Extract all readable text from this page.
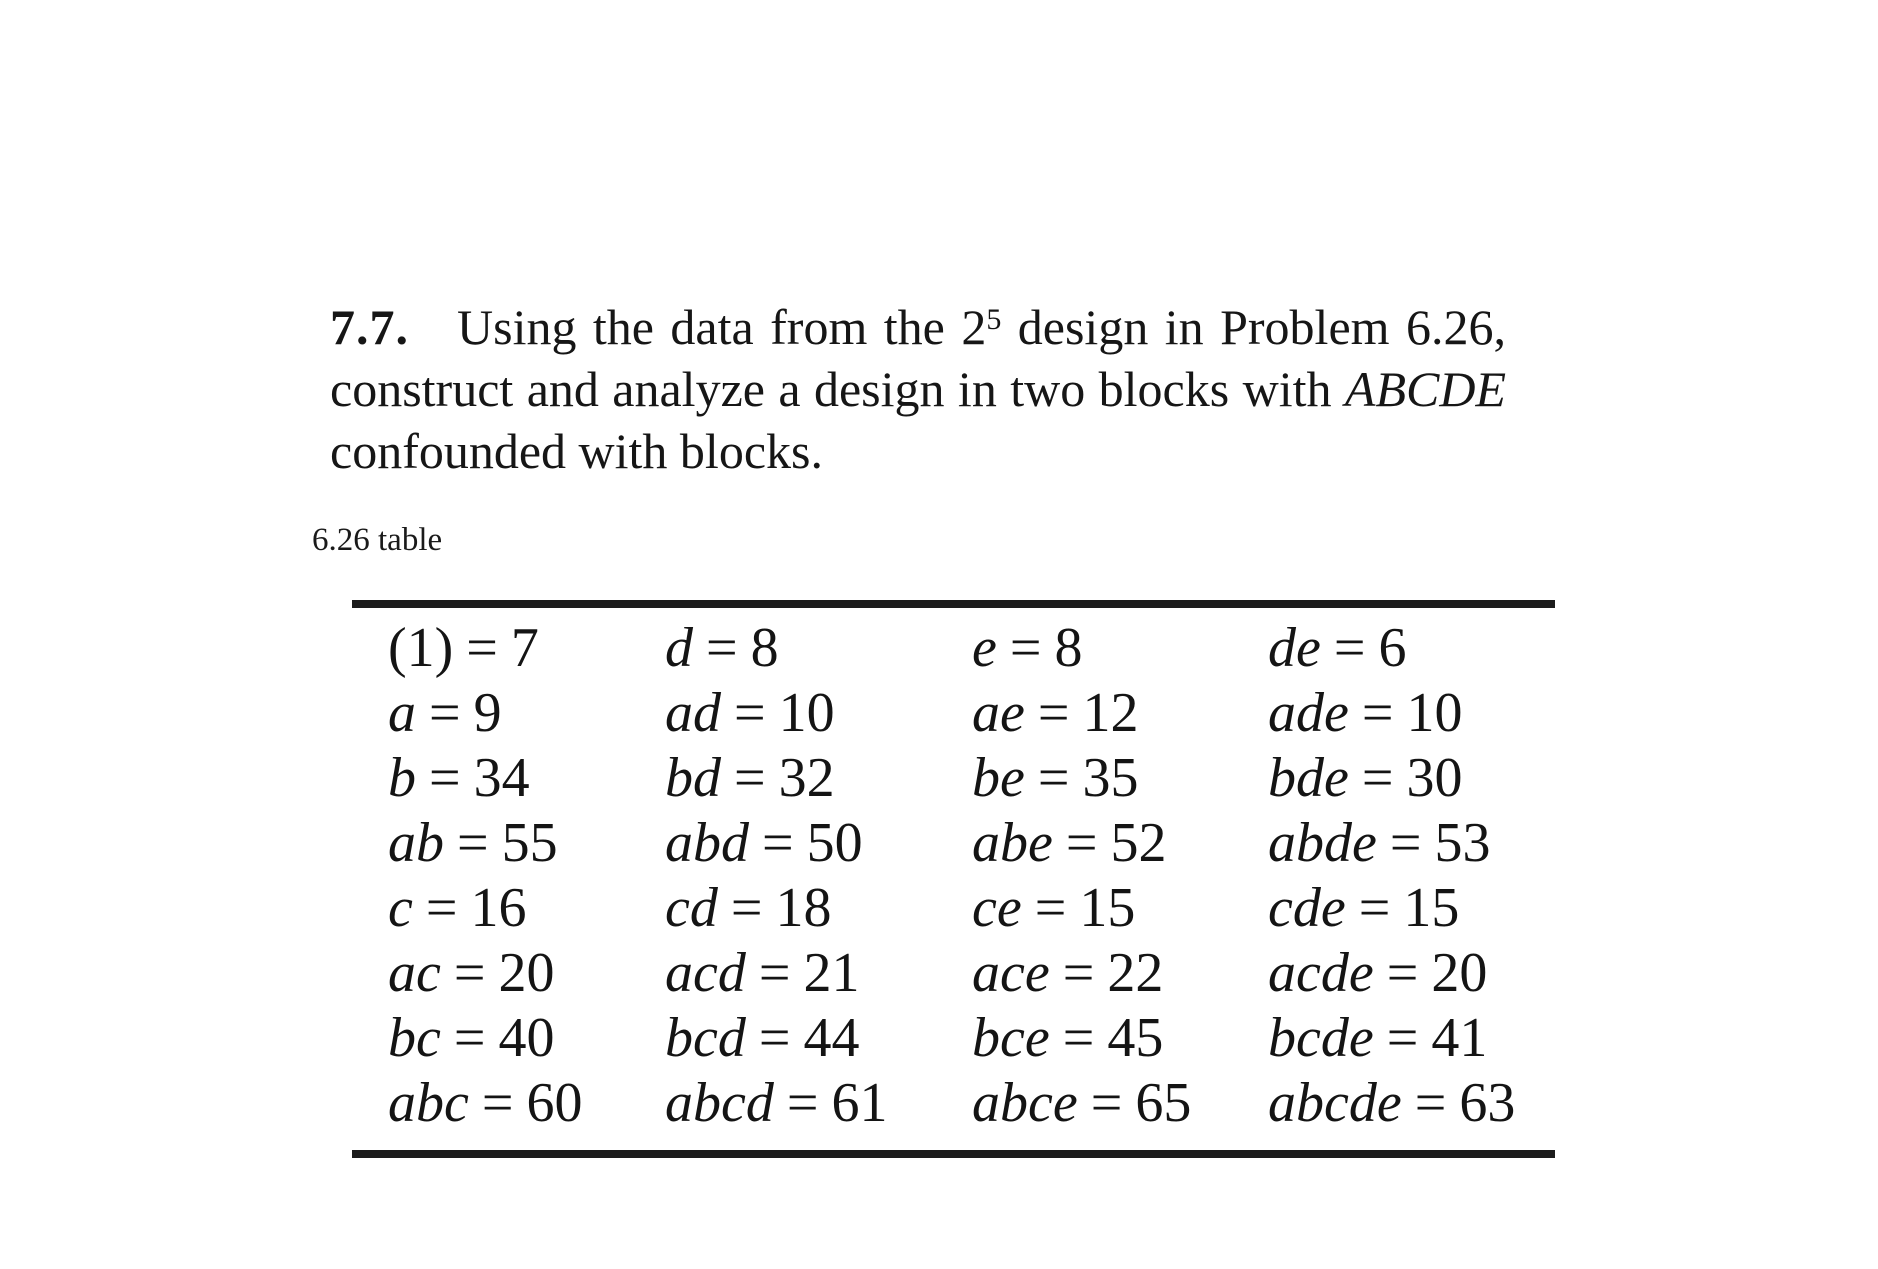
7.7. Using the data from the $2^5$ design in Problem 6.26,
construct and analyze a design in two blocks with ABCDE
confounded with blocks.
6.26 table
(1) = 7 d = 8	e = 8	de = 6
a = 9	ad = 10 ae = 12 ade = 10
b = 34 bd = 32 be = 35 bde = 30
ab = 55 abd = 50 abe = 52 abde = 53
c = 16 cd = 18	ce = 15 cde = 15
ac = 20 acd = 21 ace = 22 acde = 20
bc = 40 bcd = 44 bce = 45 bcde = 41
abc = 60 abcd = 61 abce = 65 abcde = 63
